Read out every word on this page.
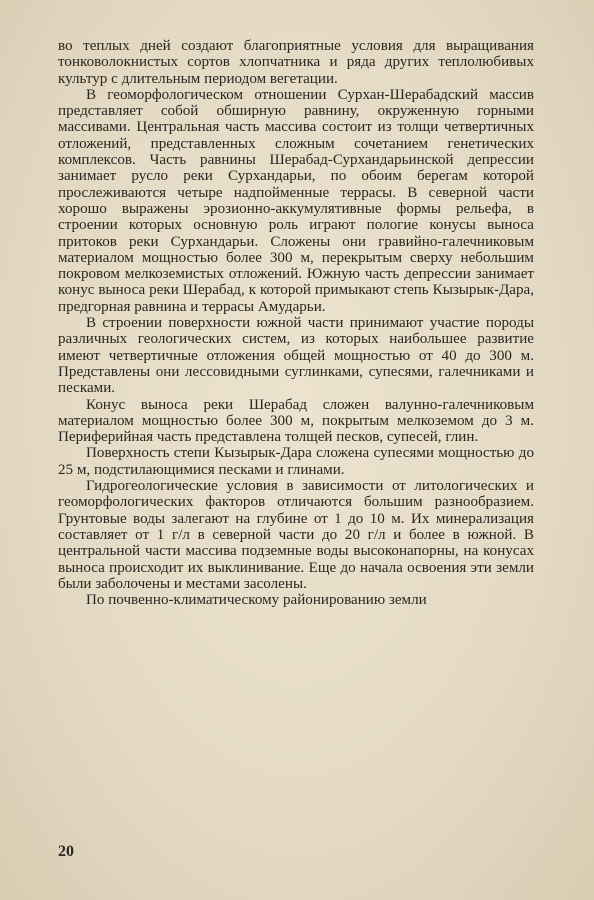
во теплых дней создают благоприятные условия для выращивания тонковолокнистых сортов хлопчатника и ряда других теплолюбивых культур с длительным периодом вегетации.

В геоморфологическом отношении Сурхан-Шерабадский массив представляет собой обширную равнину, окруженную горными массивами. Центральная часть массива состоит из толщи четвертичных отложений, представленных сложным сочетанием генетических комплексов. Часть равнины Шерабад-Сурхандарьинской депрессии занимает русло реки Сурхандарьи, по обоим берегам которой прослеживаются четыре надпойменные террасы. В северной части хорошо выражены эрозионно-аккумулятивные формы рельефа, в строении которых основную роль играют пологие конусы выноса притоков реки Сурхандарьи. Сложены они гравийно-галечниковым материалом мощностью более 300 м, перекрытым сверху небольшим покровом мелкоземистых отложений. Южную часть депрессии занимает конус выноса реки Шерабад, к которой примыкают степь Кызырык-Дара, предгорная равнина и террасы Амударьи.

В строении поверхности южной части принимают участие породы различных геологических систем, из которых наибольшее развитие имеют четвертичные отложения общей мощностью от 40 до 300 м. Представлены они лессовидными суглинками, супесями, галечниками и песками.

Конус выноса реки Шерабад сложен валунно-галечниковым материалом мощностью более 300 м, покрытым мелкоземом до 3 м. Периферийная часть представлена толщей песков, супесей, глин.

Поверхность степи Кызырык-Дара сложена супесями мощностью до 25 м, подстилающимися песками и глинами.

Гидрогеологические условия в зависимости от литологических и геоморфологических факторов отличаются большим разнообразием. Грунтовые воды залегают на глубине от 1 до 10 м. Их минерализация составляет от 1 г/л в северной части до 20 г/л и более в южной. В центральной части массива подземные воды высоконапорны, на конусах выноса происходит их выклинивание. Еще до начала освоения эти земли были заболочены и местами засолены.

По почвенно-климатическому районированию земли

20
